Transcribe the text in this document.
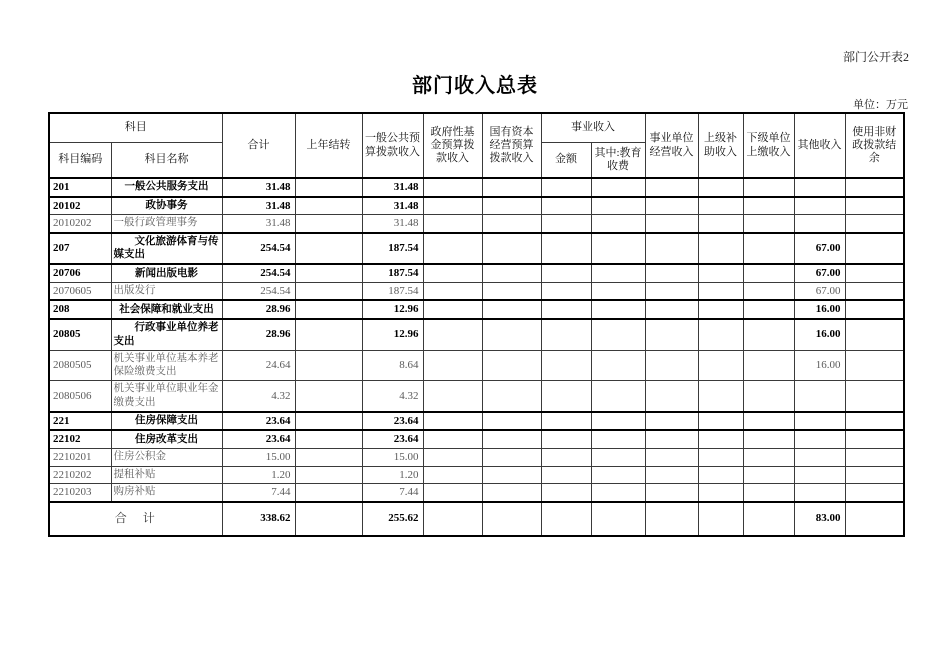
部门公开表2
部门收入总表
单位：万元
科目		合计	上年结转	一般公共预算拨款收入	政府性基金预算拨款收入	国有资本经营预算拨款收入	事业收入		事业单位经营收入	上级补助收入	下级单位上缴收入	其他收入	使用非财政拨款结余
科目编码	科目名称						金额	其中:教育收费					
201	一般公共服务支出	31.48		31.48									
20102	政协事务	31.48		31.48									
2010202	一般行政管理事务	31.48		31.48									
207	文化旅游体育与传媒支出	254.54		187.54								67.00	
20706	新闻出版电影	254.54		187.54								67.00	
2070605	出版发行	254.54		187.54								67.00	
208	社会保障和就业支出	28.96		12.96								16.00	
20805	行政事业单位养老支出	28.96		12.96								16.00	
2080505	机关事业单位基本养老保险缴费支出	24.64		8.64								16.00	
2080506	机关事业单位职业年金缴费支出	4.32		4.32									
221	住房保障支出	23.64		23.64									
22102	住房改革支出	23.64		23.64									
2210201	住房公积金	15.00		15.00									
2210202	提租补贴	1.20		1.20									
2210203	购房补贴	7.44		7.44									
合　计		338.62		255.62								83.00	
